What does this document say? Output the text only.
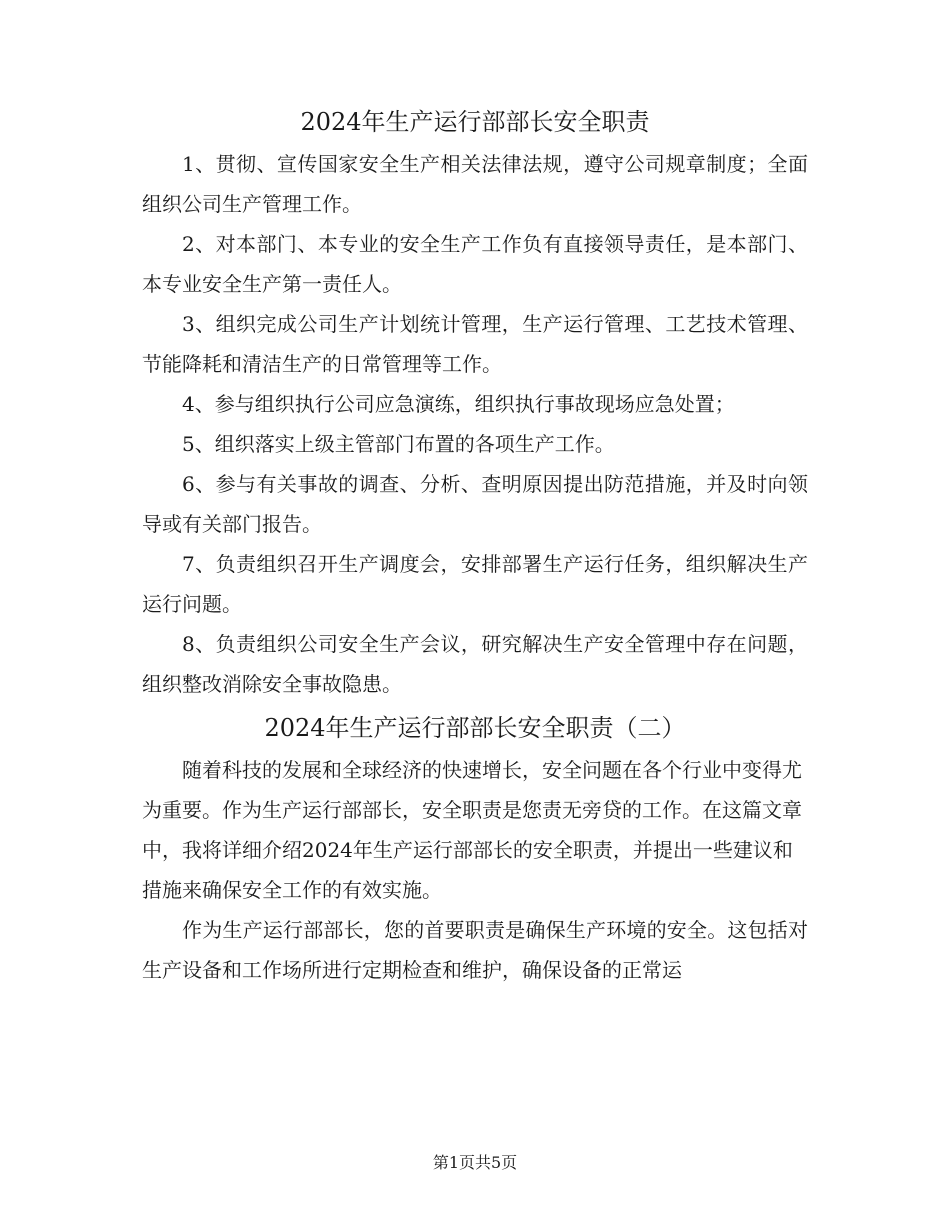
2024年生产运行部部长安全职责

1、贯彻、宣传国家安全生产相关法律法规，遵守公司规章制度；全面组织公司生产管理工作。

2、对本部门、本专业的安全生产工作负有直接领导责任，是本部门、本专业安全生产第一责任人。

3、组织完成公司生产计划统计管理，生产运行管理、工艺技术管理、节能降耗和清洁生产的日常管理等工作。

4、参与组织执行公司应急演练，组织执行事故现场应急处置；

5、组织落实上级主管部门布置的各项生产工作。

6、参与有关事故的调查、分析、查明原因提出防范措施，并及时向领导或有关部门报告。

7、负责组织召开生产调度会，安排部署生产运行任务，组织解决生产运行问题。

8、负责组织公司安全生产会议，研究解决生产安全管理中存在问题，组织整改消除安全事故隐患。

2024年生产运行部部长安全职责（二）

随着科技的发展和全球经济的快速增长，安全问题在各个行业中变得尤为重要。作为生产运行部部长，安全职责是您责无旁贷的工作。在这篇文章中，我将详细介绍2024年生产运行部部长的安全职责，并提出一些建议和措施来确保安全工作的有效实施。

作为生产运行部部长，您的首要职责是确保生产环境的安全。这包括对生产设备和工作场所进行定期检查和维护，确保设备的正常运

第1页共5页
